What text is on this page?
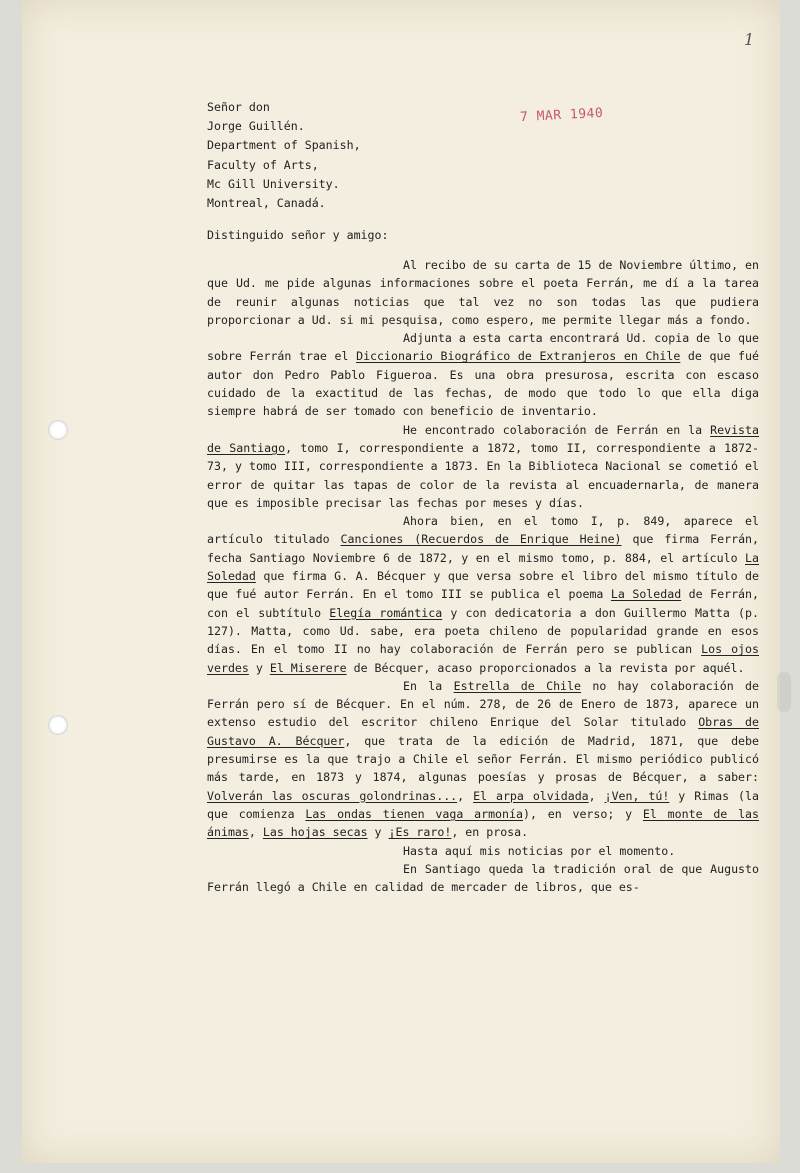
1
7 MAR 1940
Señor don
Jorge Guillén.
Department of Spanish,
Faculty of Arts,
Mc Gill University.
Montreal, Canadá.
Distinguido señor y amigo:

Al recibo de su carta de 15 de Noviembre último, en que Ud. me pide algunas informaciones sobre el poeta Ferrán, me dí a la tarea de reunir algunas noticias que tal vez no son todas las que pudiera proporcionar a Ud. si mi pesquisa, como espero, me permite llegar más a fondo.

Adjunta a esta carta encontrará Ud. copia de lo que sobre Ferrán trae el Diccionario Biográfico de Extranjeros en Chile de que fué autor don Pedro Pablo Figueroa. Es una obra presurosa, escrita con escaso cuidado de la exactitud de las fechas, de modo que todo lo que ella diga siempre habrá de ser tomado con beneficio de inventario.

He encontrado colaboración de Ferrán en la Revista de Santiago, tomo I, correspondiente a 1872, tomo II, correspondiente a 1872-73, y tomo III, correspondiente a 1873. En la Biblioteca Nacional se cometió el error de quitar las tapas de color de la revista al encuadernarla, de manera que es imposible precisar las fechas por meses y días.

Ahora bien, en el tomo I, p. 849, aparece el artículo titulado Canciones (Recuerdos de Enrique Heine) que firma Ferrán, fecha Santiago Noviembre 6 de 1872, y en el mismo tomo, p. 884, el artículo La Soledad que firma G. A. Bécquer y que versa sobre el libro del mismo título de que fué autor Ferrán. En el tomo III se publica el poema La Soledad de Ferrán, con el subtítulo Elegía romántica y con dedicatoria a don Guillermo Matta (p. 127). Matta, como Ud. sabe, era poeta chileno de popularidad grande en esos días. En el tomo II no hay colaboración de Ferrán pero se publican Los ojos verdes y El Miserere de Bécquer, acaso proporcionados a la revista por aquél.

En la Estrella de Chile no hay colaboración de Ferrán pero sí de Bécquer. En el núm. 278, de 26 de Enero de 1873, aparece un extenso estudio del escritor chileno Enrique del Solar titulado Obras de Gustavo A. Bécquer, que trata de la edición de Madrid, 1871, que debe presumirse es la que trajo a Chile el señor Ferrán. El mismo periódico publicó más tarde, en 1873 y 1874, algunas poesías y prosas de Bécquer, a saber: Volverán las oscuras golondrinas..., El arpa olvidada, ¡Ven, tú! y Rimas (la que comienza Las ondas tienen vaga armonía), en verso; y El monte de las ánimas, Las hojas secas y ¡Es raro!, en prosa.

Hasta aquí mis noticias por el momento.

En Santiago queda la tradición oral de que Augusto Ferrán llegó a Chile en calidad de mercader de libros, que es-
